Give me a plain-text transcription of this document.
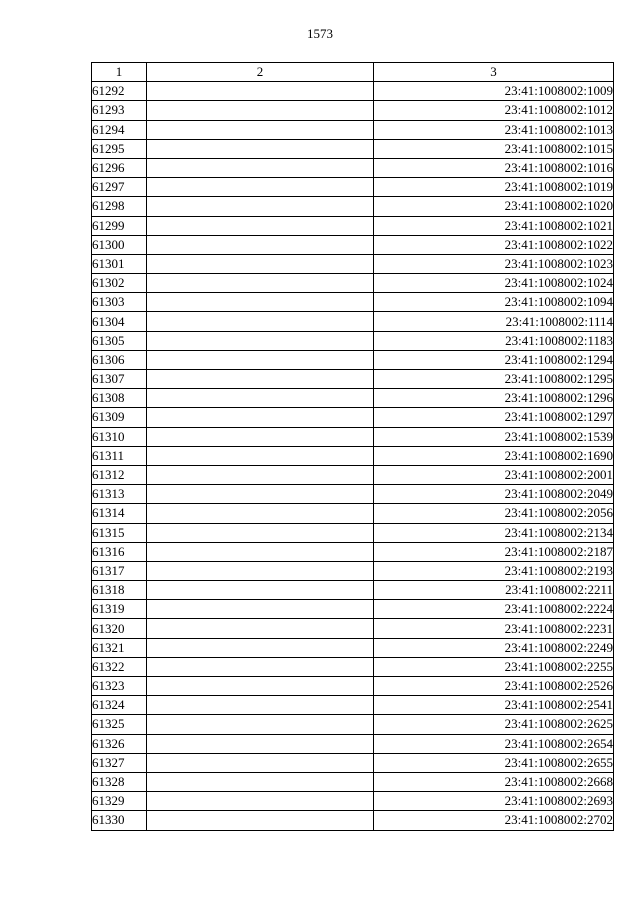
1573
1	2	3
61292		23:41:1008002:1009
61293		23:41:1008002:1012
61294		23:41:1008002:1013
61295		23:41:1008002:1015
61296		23:41:1008002:1016
61297		23:41:1008002:1019
61298		23:41:1008002:1020
61299		23:41:1008002:1021
61300		23:41:1008002:1022
61301		23:41:1008002:1023
61302		23:41:1008002:1024
61303		23:41:1008002:1094
61304		23:41:1008002:1114
61305		23:41:1008002:1183
61306		23:41:1008002:1294
61307		23:41:1008002:1295
61308		23:41:1008002:1296
61309		23:41:1008002:1297
61310		23:41:1008002:1539
61311		23:41:1008002:1690
61312		23:41:1008002:2001
61313		23:41:1008002:2049
61314		23:41:1008002:2056
61315		23:41:1008002:2134
61316		23:41:1008002:2187
61317		23:41:1008002:2193
61318		23:41:1008002:2211
61319		23:41:1008002:2224
61320		23:41:1008002:2231
61321		23:41:1008002:2249
61322		23:41:1008002:2255
61323		23:41:1008002:2526
61324		23:41:1008002:2541
61325		23:41:1008002:2625
61326		23:41:1008002:2654
61327		23:41:1008002:2655
61328		23:41:1008002:2668
61329		23:41:1008002:2693
61330		23:41:1008002:2702
